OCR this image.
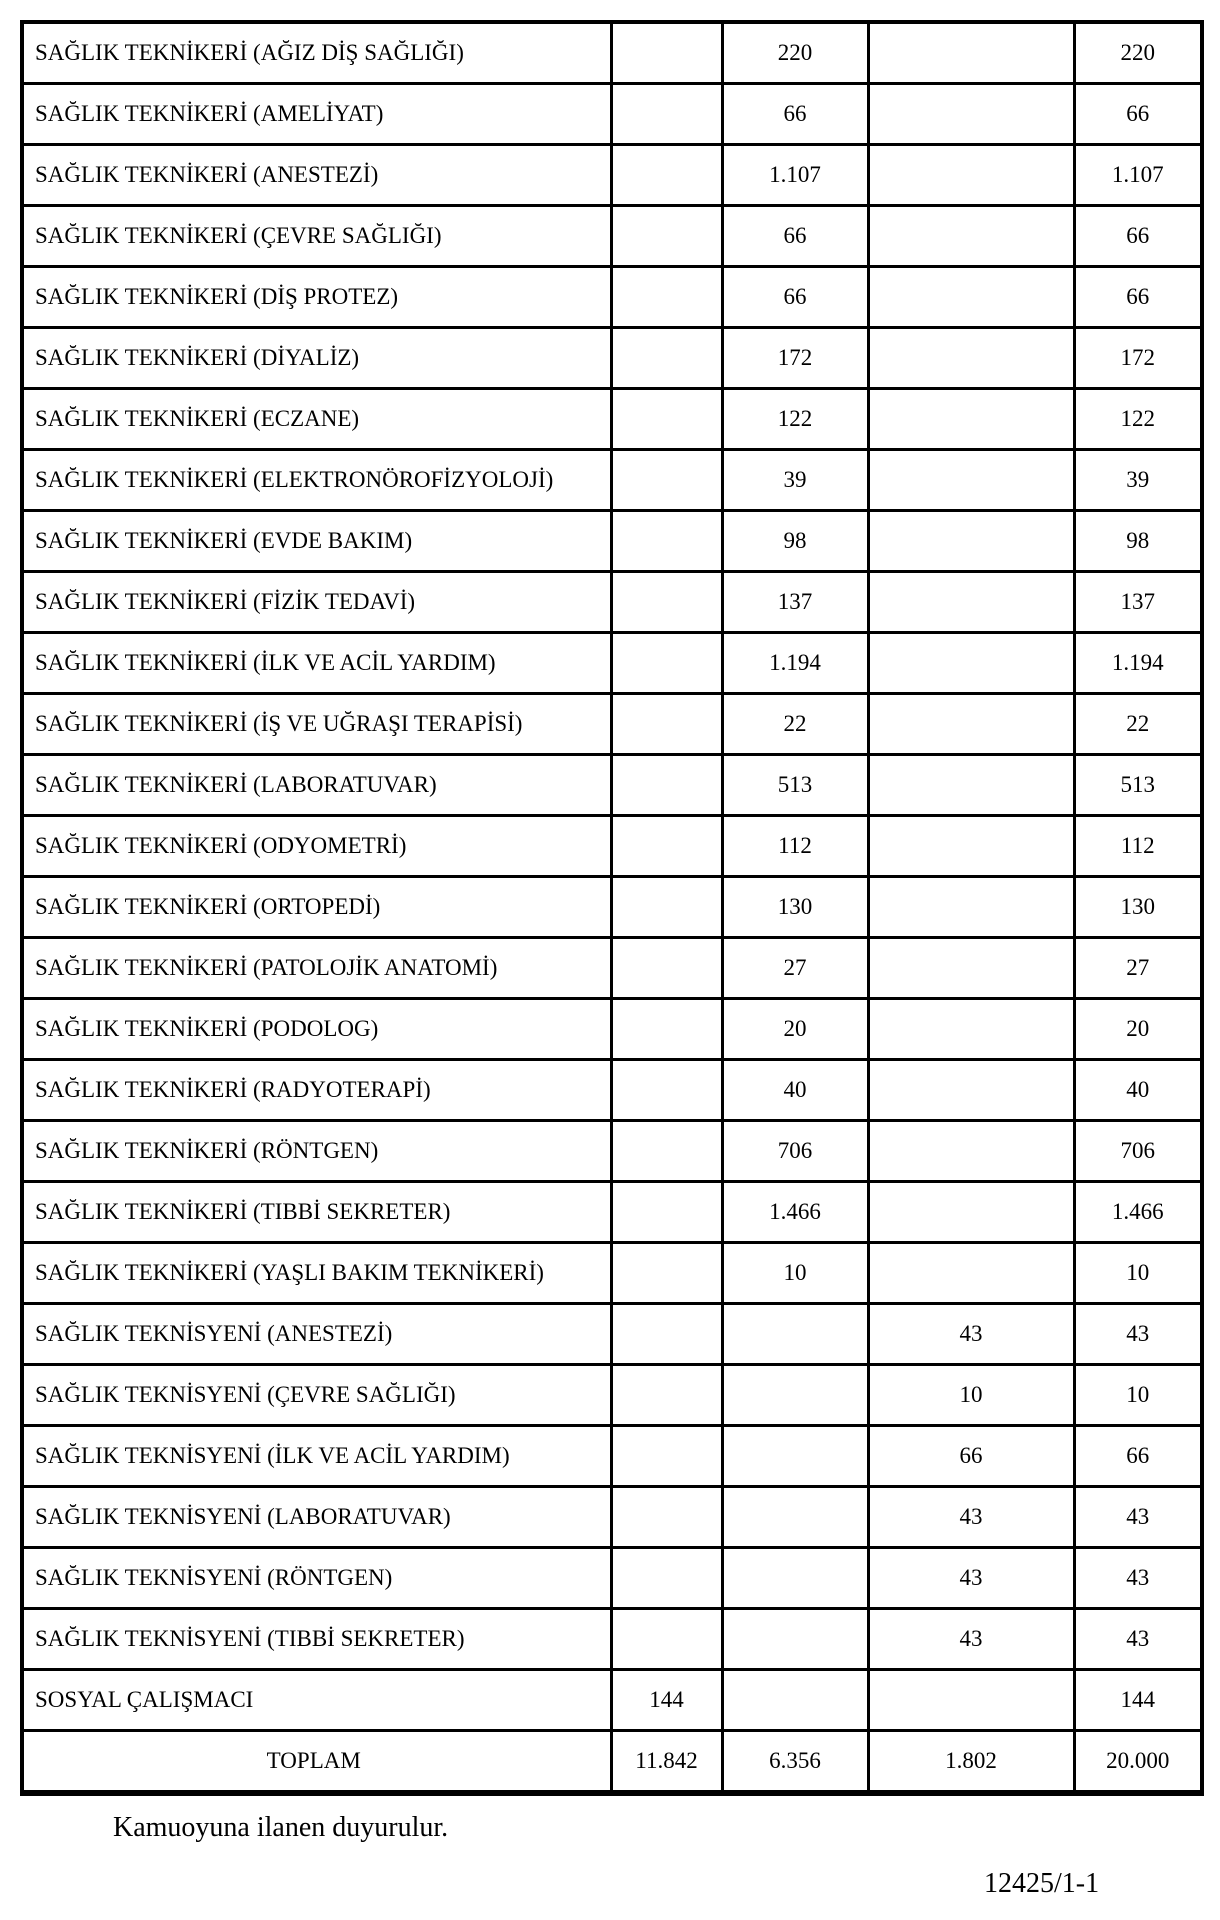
SAĞLIK TEKNİKERİ (AĞIZ DİŞ SAĞLIĞI)		220		220
SAĞLIK TEKNİKERİ (AMELİYAT)		66		66
SAĞLIK TEKNİKERİ (ANESTEZİ)		1.107		1.107
SAĞLIK TEKNİKERİ (ÇEVRE SAĞLIĞI)		66		66
SAĞLIK TEKNİKERİ (DİŞ PROTEZ)		66		66
SAĞLIK TEKNİKERİ (DİYALİZ)		172		172
SAĞLIK TEKNİKERİ (ECZANE)		122		122
SAĞLIK TEKNİKERİ (ELEKTRONÖROFİZYOLOJİ)		39		39
SAĞLIK TEKNİKERİ (EVDE BAKIM)		98		98
SAĞLIK TEKNİKERİ (FİZİK TEDAVİ)		137		137
SAĞLIK TEKNİKERİ (İLK VE ACİL YARDIM)		1.194		1.194
SAĞLIK TEKNİKERİ (İŞ VE UĞRAŞI TERAPİSİ)		22		22
SAĞLIK TEKNİKERİ (LABORATUVAR)		513		513
SAĞLIK TEKNİKERİ (ODYOMETRİ)		112		112
SAĞLIK TEKNİKERİ (ORTOPEDİ)		130		130
SAĞLIK TEKNİKERİ (PATOLOJİK ANATOMİ)		27		27
SAĞLIK TEKNİKERİ (PODOLOG)		20		20
SAĞLIK TEKNİKERİ (RADYOTERAPİ)		40		40
SAĞLIK TEKNİKERİ (RÖNTGEN)		706		706
SAĞLIK TEKNİKERİ (TIBBİ SEKRETER)		1.466		1.466
SAĞLIK TEKNİKERİ (YAŞLI BAKIM TEKNİKERİ)		10		10
SAĞLIK TEKNİSYENİ (ANESTEZİ)			43	43
SAĞLIK TEKNİSYENİ (ÇEVRE SAĞLIĞI)			10	10
SAĞLIK TEKNİSYENİ (İLK VE ACİL YARDIM)			66	66
SAĞLIK TEKNİSYENİ (LABORATUVAR)			43	43
SAĞLIK TEKNİSYENİ (RÖNTGEN)			43	43
SAĞLIK TEKNİSYENİ (TIBBİ SEKRETER)			43	43
SOSYAL ÇALIŞMACI	144			144
TOPLAM	11.842	6.356	1.802	20.000
Kamuoyuna ilanen duyurulur.
12425/1-1
